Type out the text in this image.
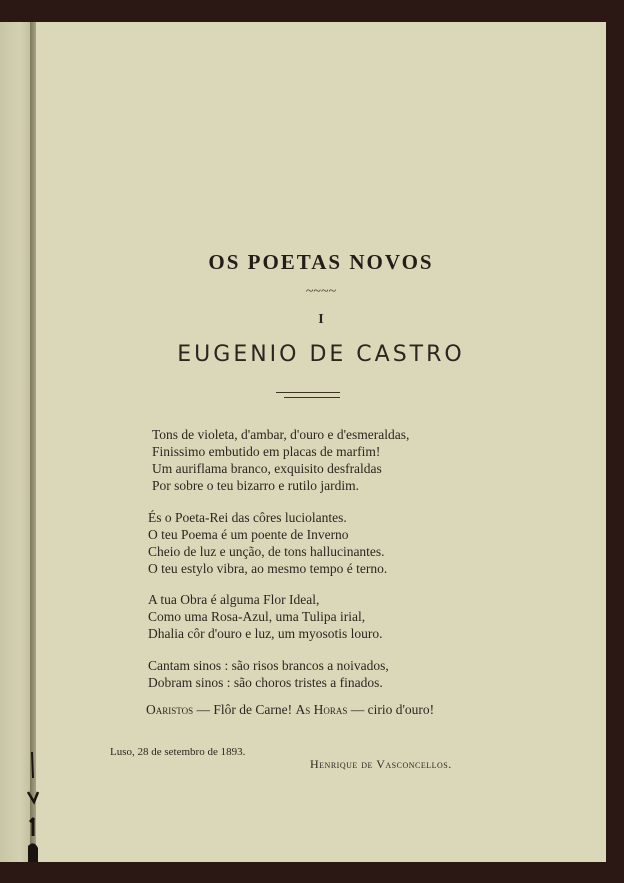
OS POETAS NOVOS
~~~~
I
EUGENIO DE CASTRO
Tons de violeta, d'ambar, d'ouro e d'esmeraldas,
Finissimo embutido em placas de marfim!
Um auriflama branco, exquisito desfraldas
Por sobre o teu bizarro e rutilo jardim.
És o Poeta-Rei das côres luciolantes.
O teu Poema é um poente de Inverno
Cheio de luz e unção, de tons hallucinantes.
O teu estylo vibra, ao mesmo tempo é terno.
A tua Obra é alguma Flor Ideal,
Como uma Rosa-Azul, uma Tulipa irial,
Dhalia côr d'ouro e luz, um myosotis louro.
Cantam sinos : são risos brancos a noivados,
Dobram sinos : são choros tristes a finados.
Oaristos — Flôr de Carne! As Horas — cirio d'ouro!
Luso, 28 de setembro de 1893.
Henrique de Vasconcellos.
